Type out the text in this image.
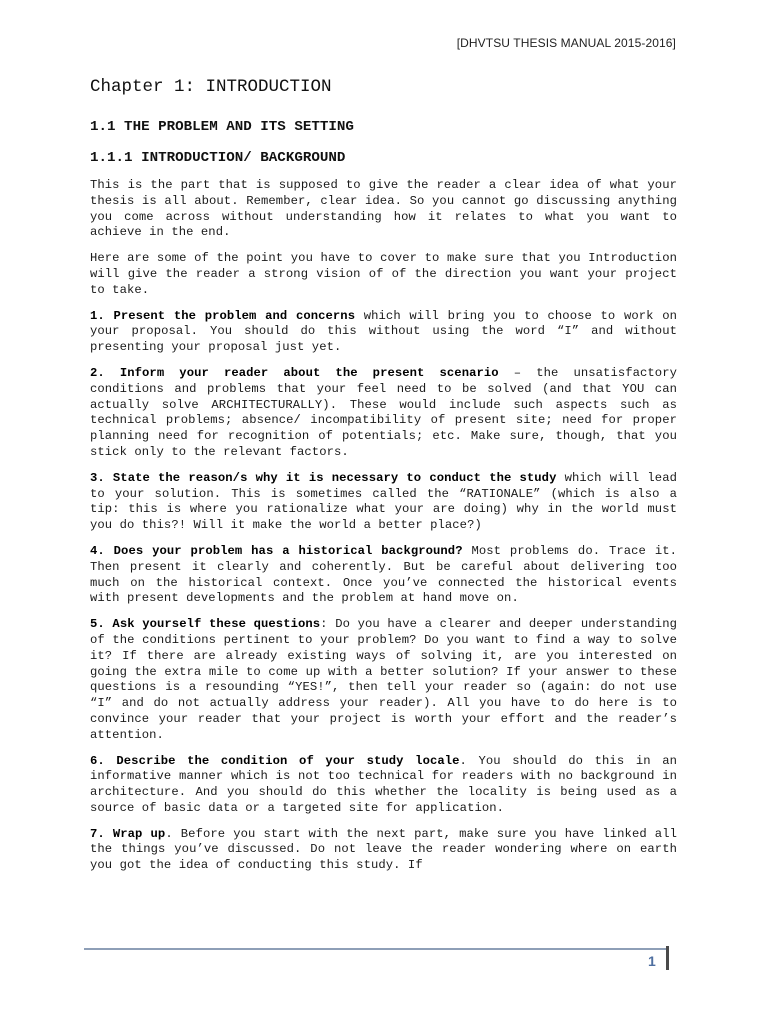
[DHVTSU THESIS MANUAL 2015-2016]
Chapter 1: INTRODUCTION
1.1 THE PROBLEM AND ITS SETTING
1.1.1 INTRODUCTION/ BACKGROUND

This is the part that is supposed to give the reader a clear idea of what your thesis is all about. Remember, clear idea. So you cannot go discussing anything you come across without understanding how it relates to what you want to achieve in the end.

Here are some of the point you have to cover to make sure that you Introduction will give the reader a strong vision of of the direction you want your project to take.

1. Present the problem and concerns which will bring you to choose to work on your proposal. You should do this without using the word “I” and without presenting your proposal just yet.

2. Inform your reader about the present scenario – the unsatisfactory conditions and problems that your feel need to be solved (and that YOU can actually solve ARCHITECTURALLY). These would include such aspects such as technical problems; absence/ incompatibility of present site; need for proper planning need for recognition of potentials; etc. Make sure, though, that you stick only to the relevant factors.

3. State the reason/s why it is necessary to conduct the study which will lead to your solution. This is sometimes called the “RATIONALE” (which is also a tip: this is where you rationalize what your are doing) why in the world must you do this?! Will it make the world a better place?)

4. Does your problem has a historical background? Most problems do. Trace it. Then present it clearly and coherently. But be careful about delivering too much on the historical context. Once you’ve connected the historical events with present developments and the problem at hand move on.

5. Ask yourself these questions: Do you have a clearer and deeper understanding of the conditions pertinent to your problem? Do you want to find a way to solve it? If there are already existing ways of solving it, are you interested on going the extra mile to come up with a better solution? If your answer to these questions is a resounding “YES!”, then tell your reader so (again: do not use “I” and do not actually address your reader). All you have to do here is to convince your reader that your project is worth your effort and the reader’s attention.

6. Describe the condition of your study locale. You should do this in an informative manner which is not too technical for readers with no background in architecture. And you should do this whether the locality is being used as a source of basic data or a targeted site for application.

7. Wrap up. Before you start with the next part, make sure you have linked all the things you’ve discussed. Do not leave the reader wondering where on earth you got the idea of conducting this study. If

1
